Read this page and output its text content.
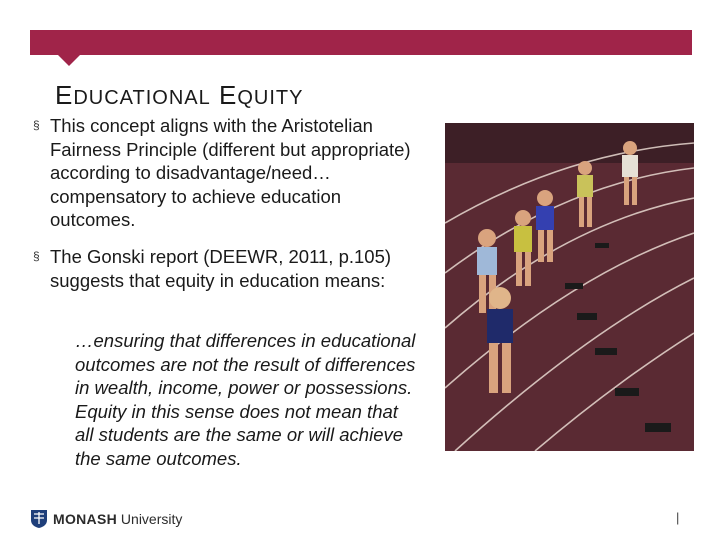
EDUCATIONAL EQUITY
§ This concept aligns with the Aristotelian Fairness Principle (different but appropriate) according to disadvantage/need…compensatory to achieve education outcomes.
§ The Gonski report (DEEWR, 2011, p.105) suggests that equity in education means:
…ensuring that differences in educational outcomes are not the result of differences in wealth, income, power or possessions. Equity in this sense does not mean that all students are the same or will achieve the same outcomes.
MONASH University	|
